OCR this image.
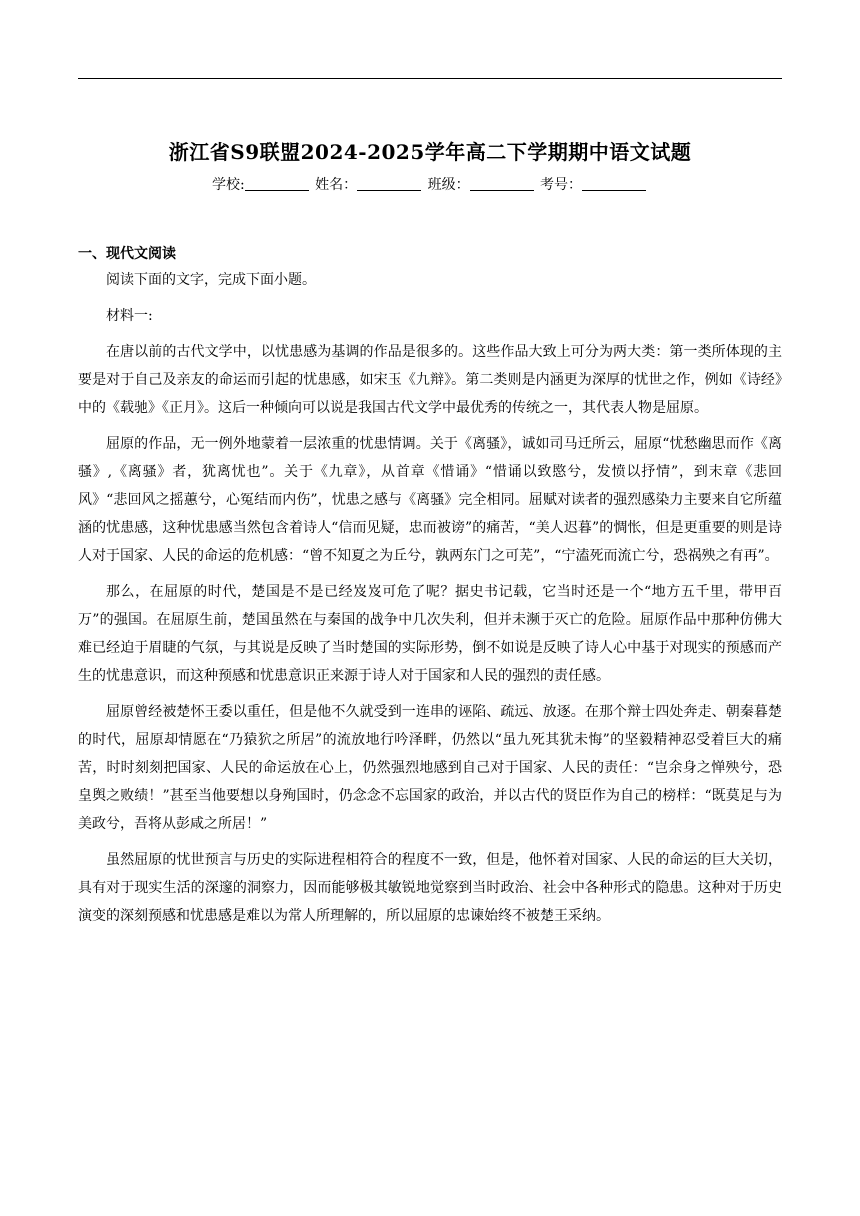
浙江省S9联盟2024-2025学年高二下学期期中语文试题
学校:	姓名：	班级：	考号：
一、现代文阅读

阅读下面的文字，完成下面小题。

材料一:

在唐以前的古代文学中，以忧患感为基调的作品是很多的。这些作品大致上可分为两大类：第一类所体现的主要是对于自己及亲友的命运而引起的忧患感，如宋玉《九辩》。第二类则是内涵更为深厚的忧世之作，例如《诗经》中的《载驰》《正月》。这后一种倾向可以说是我国古代文学中最优秀的传统之一，其代表人物是屈原。

屈原的作品，无一例外地蒙着一层浓重的忧患情调。关于《离骚》，诚如司马迁所云，屈原“忧愁幽思而作《离骚》,《离骚》者，犹离忧也”。关于《九章》，从首章《惜诵》“惜诵以致愍兮，发愤以抒情”，到末章《悲回风》“悲回风之摇蕙兮，心冤结而内伤”，忧患之感与《离骚》完全相同。屈赋对读者的强烈感染力主要来自它所蕴涵的忧患感，这种忧患感当然包含着诗人“信而见疑，忠而被谤”的痛苦，“美人迟暮”的惆怅，但是更重要的则是诗人对于国家、人民的命运的危机感：“曾不知夏之为丘兮，孰两东门之可芜”，“宁溘死而流亡兮，恐祸殃之有再”。

那么，在屈原的时代，楚国是不是已经岌岌可危了呢？据史书记载，它当时还是一个“地方五千里，带甲百万”的强国。在屈原生前，楚国虽然在与秦国的战争中几次失利，但并未濒于灭亡的危险。屈原作品中那种仿佛大难已经迫于眉睫的气氛，与其说是反映了当时楚国的实际形势，倒不如说是反映了诗人心中基于对现实的预感而产生的忧患意识，而这种预感和忧患意识正来源于诗人对于国家和人民的强烈的责任感。

屈原曾经被楚怀王委以重任，但是他不久就受到一连串的诬陷、疏远、放逐。在那个辩士四处奔走、朝秦暮楚的时代，屈原却情愿在“乃猿狖之所居”的流放地行吟泽畔，仍然以“虽九死其犹未悔”的坚毅精神忍受着巨大的痛苦，时时刻刻把国家、人民的命运放在心上，仍然强烈地感到自己对于国家、人民的责任：“岂余身之惮殃兮，恐皇舆之败绩！”甚至当他要想以身殉国时，仍念念不忘国家的政治，并以古代的贤臣作为自己的榜样：“既莫足与为美政兮，吾将从彭咸之所居！”

虽然屈原的忧世预言与历史的实际进程相符合的程度不一致，但是，他怀着对国家、人民的命运的巨大关切，具有对于现实生活的深邃的洞察力，因而能够极其敏锐地觉察到当时政治、社会中各种形式的隐患。这种对于历史演变的深刻预感和忧患感是难以为常人所理解的，所以屈原的忠谏始终不被楚王采纳。
